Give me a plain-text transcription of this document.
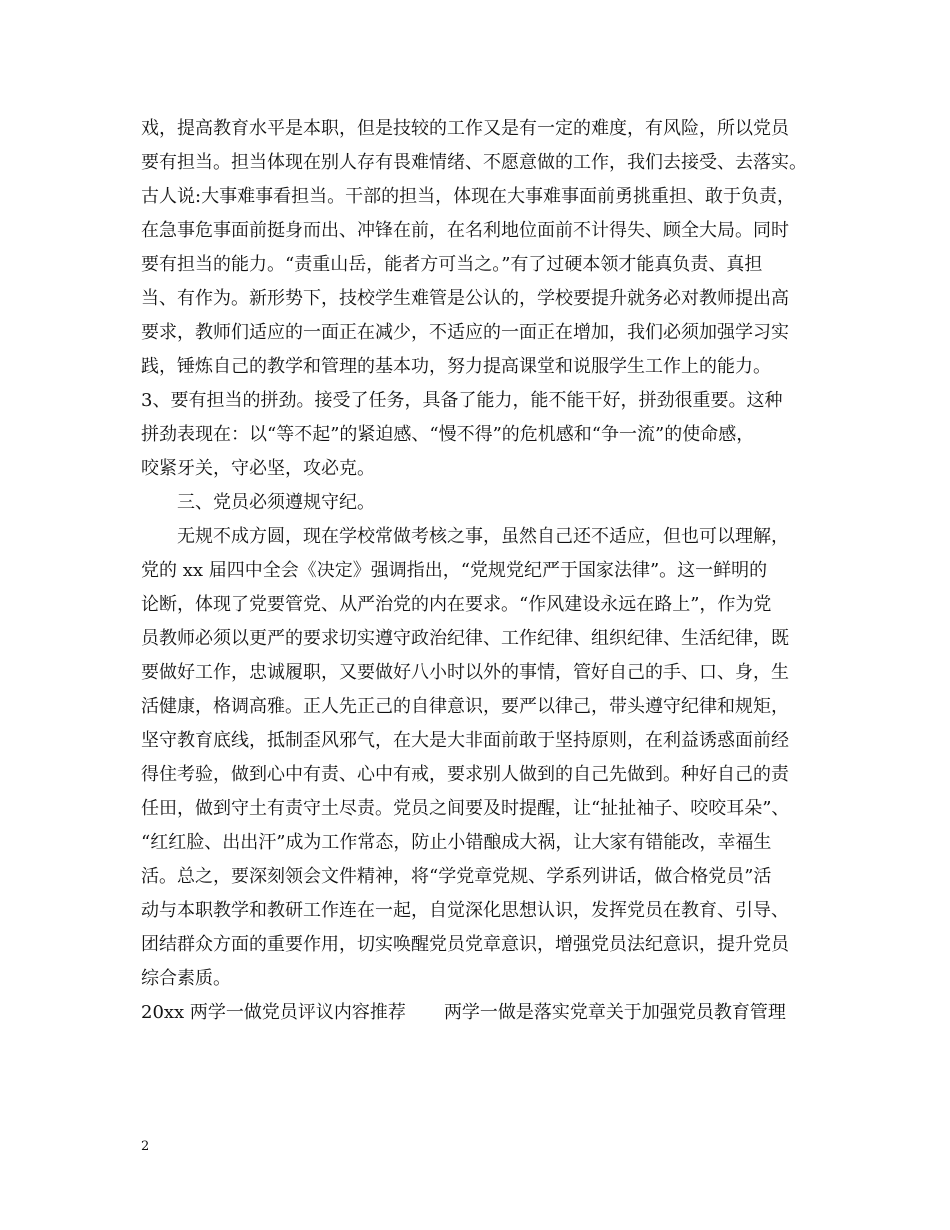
戏，提高教育水平是本职，但是技较的工作又是有一定的难度，有风险，所以党员
要有担当。担当体现在别人存有畏难情绪、不愿意做的工作，我们去接受、去落实。
古人说:大事难事看担当。干部的担当，体现在大事难事面前勇挑重担、敢于负责，
在急事危事面前挺身而出、冲锋在前，在名利地位面前不计得失、顾全大局。同时
要有担当的能力。“责重山岳，能者方可当之。”有了过硬本领才能真负责、真担
当、有作为。新形势下，技校学生难管是公认的，学校要提升就务必对教师提出高
要求，教师们适应的一面正在减少，不适应的一面正在增加，我们必须加强学习实
践，锤炼自己的教学和管理的基本功，努力提高课堂和说服学生工作上的能力。
3、要有担当的拼劲。接受了任务，具备了能力，能不能干好，拼劲很重要。这种
拼劲表现在：以“等不起”的紧迫感、“慢不得”的危机感和“争一流”的使命感，
咬紧牙关，守必坚，攻必克。
三、党员必须遵规守纪。
无规不成方圆，现在学校常做考核之事，虽然自己还不适应，但也可以理解，
党的 xx 届四中全会《决定》强调指出，“党规党纪严于国家法律”。这一鲜明的
论断，体现了党要管党、从严治党的内在要求。“作风建设永远在路上”，作为党
员教师必须以更严的要求切实遵守政治纪律、工作纪律、组织纪律、生活纪律，既
要做好工作，忠诚履职，又要做好八小时以外的事情，管好自己的手、口、身，生
活健康，格调高雅。正人先正己的自律意识，要严以律己，带头遵守纪律和规矩，
坚守教育底线，抵制歪风邪气，在大是大非面前敢于坚持原则，在利益诱惑面前经
得住考验，做到心中有责、心中有戒，要求别人做到的自己先做到。种好自己的责
任田，做到守土有责守土尽责。党员之间要及时提醒，让“扯扯袖子、咬咬耳朵”、
“红红脸、出出汗”成为工作常态，防止小错酿成大祸，让大家有错能改，幸福生
活。总之，要深刻领会文件精神，将“学党章党规、学系列讲话，做合格党员”活
动与本职教学和教研工作连在一起，自觉深化思想认识，发挥党员在教育、引导、
团结群众方面的重要作用，切实唤醒党员党章意识，增强党员法纪意识，提升党员
综合素质。
20xx 两学一做党员评议内容推荐 两学一做是落实党章关于加强党员教育管理
2
